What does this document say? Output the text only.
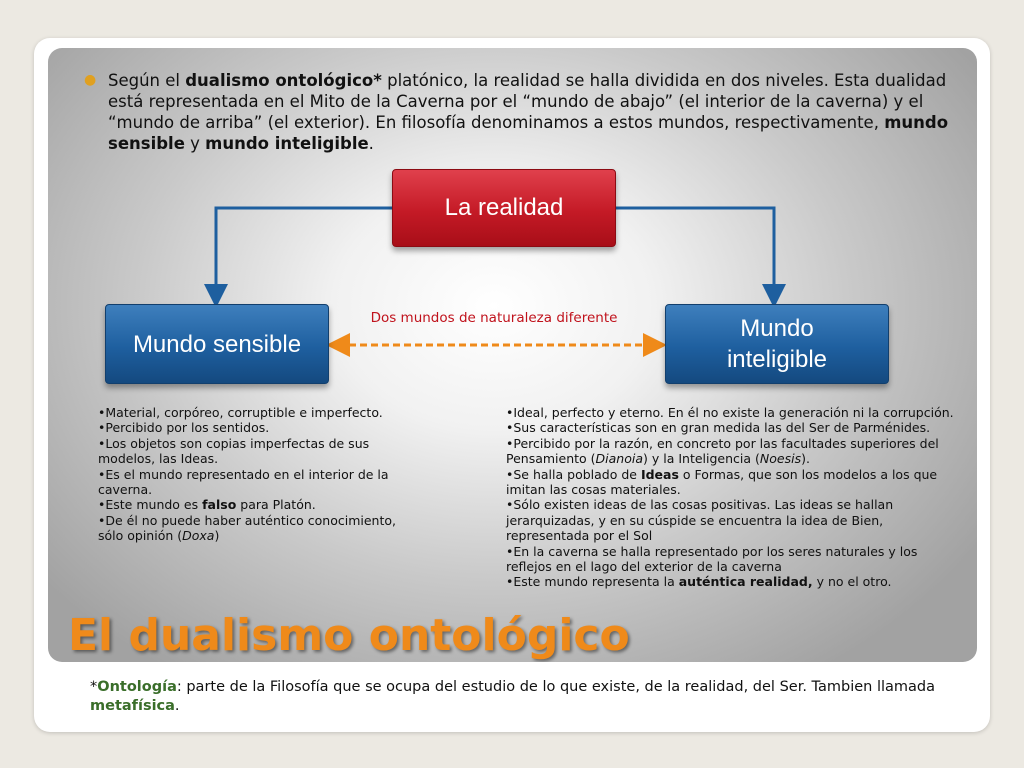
● Según el dualismo ontológico* platónico, la realidad se halla dividida en dos niveles. Esta dualidad está representada en el Mito de la Caverna por el “mundo de abajo” (el interior de la caverna) y el “mundo de arriba” (el exterior). En filosofía denominamos a estos mundos, respectivamente, mundo sensible y mundo inteligible.

La realidad
Mundo sensible
Mundo inteligible
Dos mundos de naturaleza diferente

•Material, corpóreo, corruptible e imperfecto.

•Percibido por los sentidos.

•Los objetos son copias imperfectas de sus modelos, las Ideas.

•Es el mundo representado en el interior de la caverna.

•Este mundo es falso para Platón.

•De él no puede haber auténtico conocimiento, sólo opinión (Doxa)

•Ideal, perfecto y eterno. En él no existe la generación ni la corrupción.

•Sus características son en gran medida las del Ser de Parménides.

•Percibido por la razón, en concreto por las facultades superiores del Pensamiento (Dianoia) y la Inteligencia (Noesis).

•Se halla poblado de Ideas o Formas, que son los modelos a los que imitan las cosas materiales.

•Sólo existen ideas de las cosas positivas. Las ideas se hallan jerarquizadas, y en su cúspide se encuentra la idea de Bien, representada por el Sol

•En la caverna se halla representado por los seres naturales y los reflejos en el lago del exterior de la caverna

•Este mundo representa la auténtica realidad, y no el otro.

El dualismo ontológico
*Ontología: parte de la Filosofía que se ocupa del estudio de lo que existe, de la realidad, del Ser. Tambien llamada metafísica.
